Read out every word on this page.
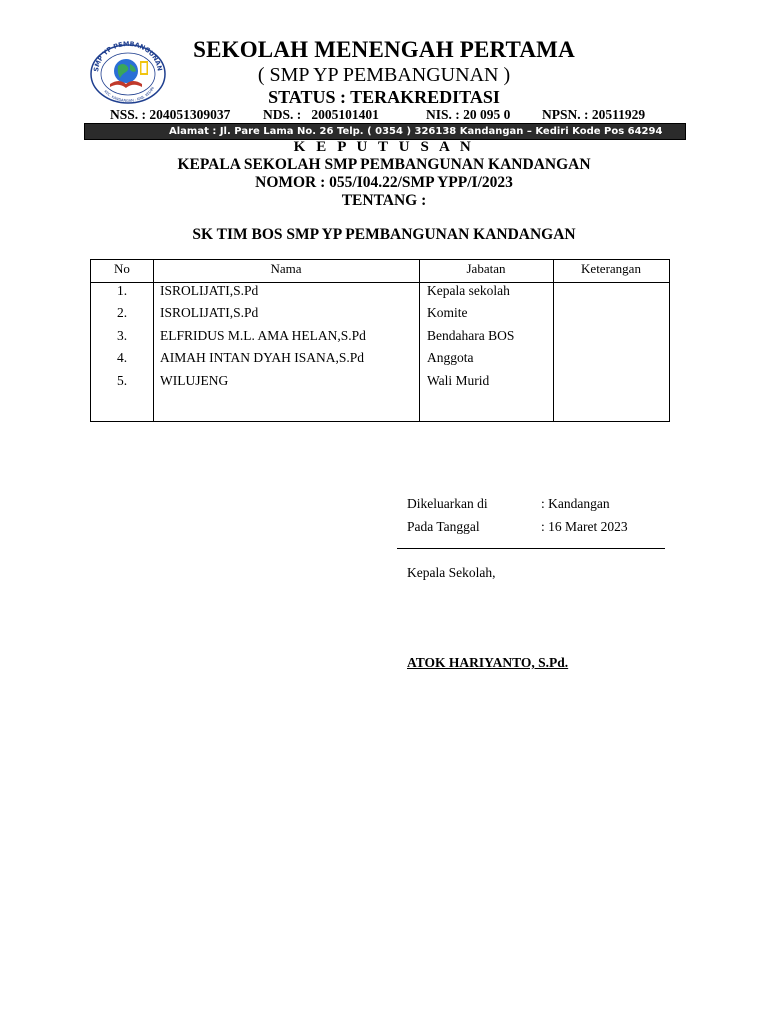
SMP YP PEMBANGUNAN
KEC. KANDANGAN - KAB. KEDIRI
SEKOLAH MENENGAH PERTAMA
( SMP YP PEMBANGUNAN )
STATUS : TERAKREDITASI
NSS. : 204051309037 NDS. :   2005101401	NIS. : 20 095 0 NPSN. : 20511929
Alamat : Jl. Pare Lama No. 26 Telp. ( 0354 ) 326138 Kandangan – Kediri Kode Pos 64294
K E P U T U S A N
KEPALA SEKOLAH SMP PEMBANGUNAN KANDANGAN
NOMOR : 055/I04.22/SMP YPP/I/2023
TENTANG :
SK TIM BOS SMP YP PEMBANGUNAN KANDANGAN
No	Nama	Jabatan	Keterangan
1.	ISROLIJATI,S.Pd	Kepala sekolah
2.	ISROLIJATI,S.Pd	Komite
3.	ELFRIDUS M.L. AMA HELAN,S.Pd	Bendahara BOS
4.	AIMAH INTAN DYAH ISANA,S.Pd	Anggota
5.	WILUJENG	Wali Murid
Dikeluarkan di	: Kandangan
Pada Tanggal	: 16 Maret 2023
Kepala Sekolah,
ATOK HARIYANTO, S.Pd.
